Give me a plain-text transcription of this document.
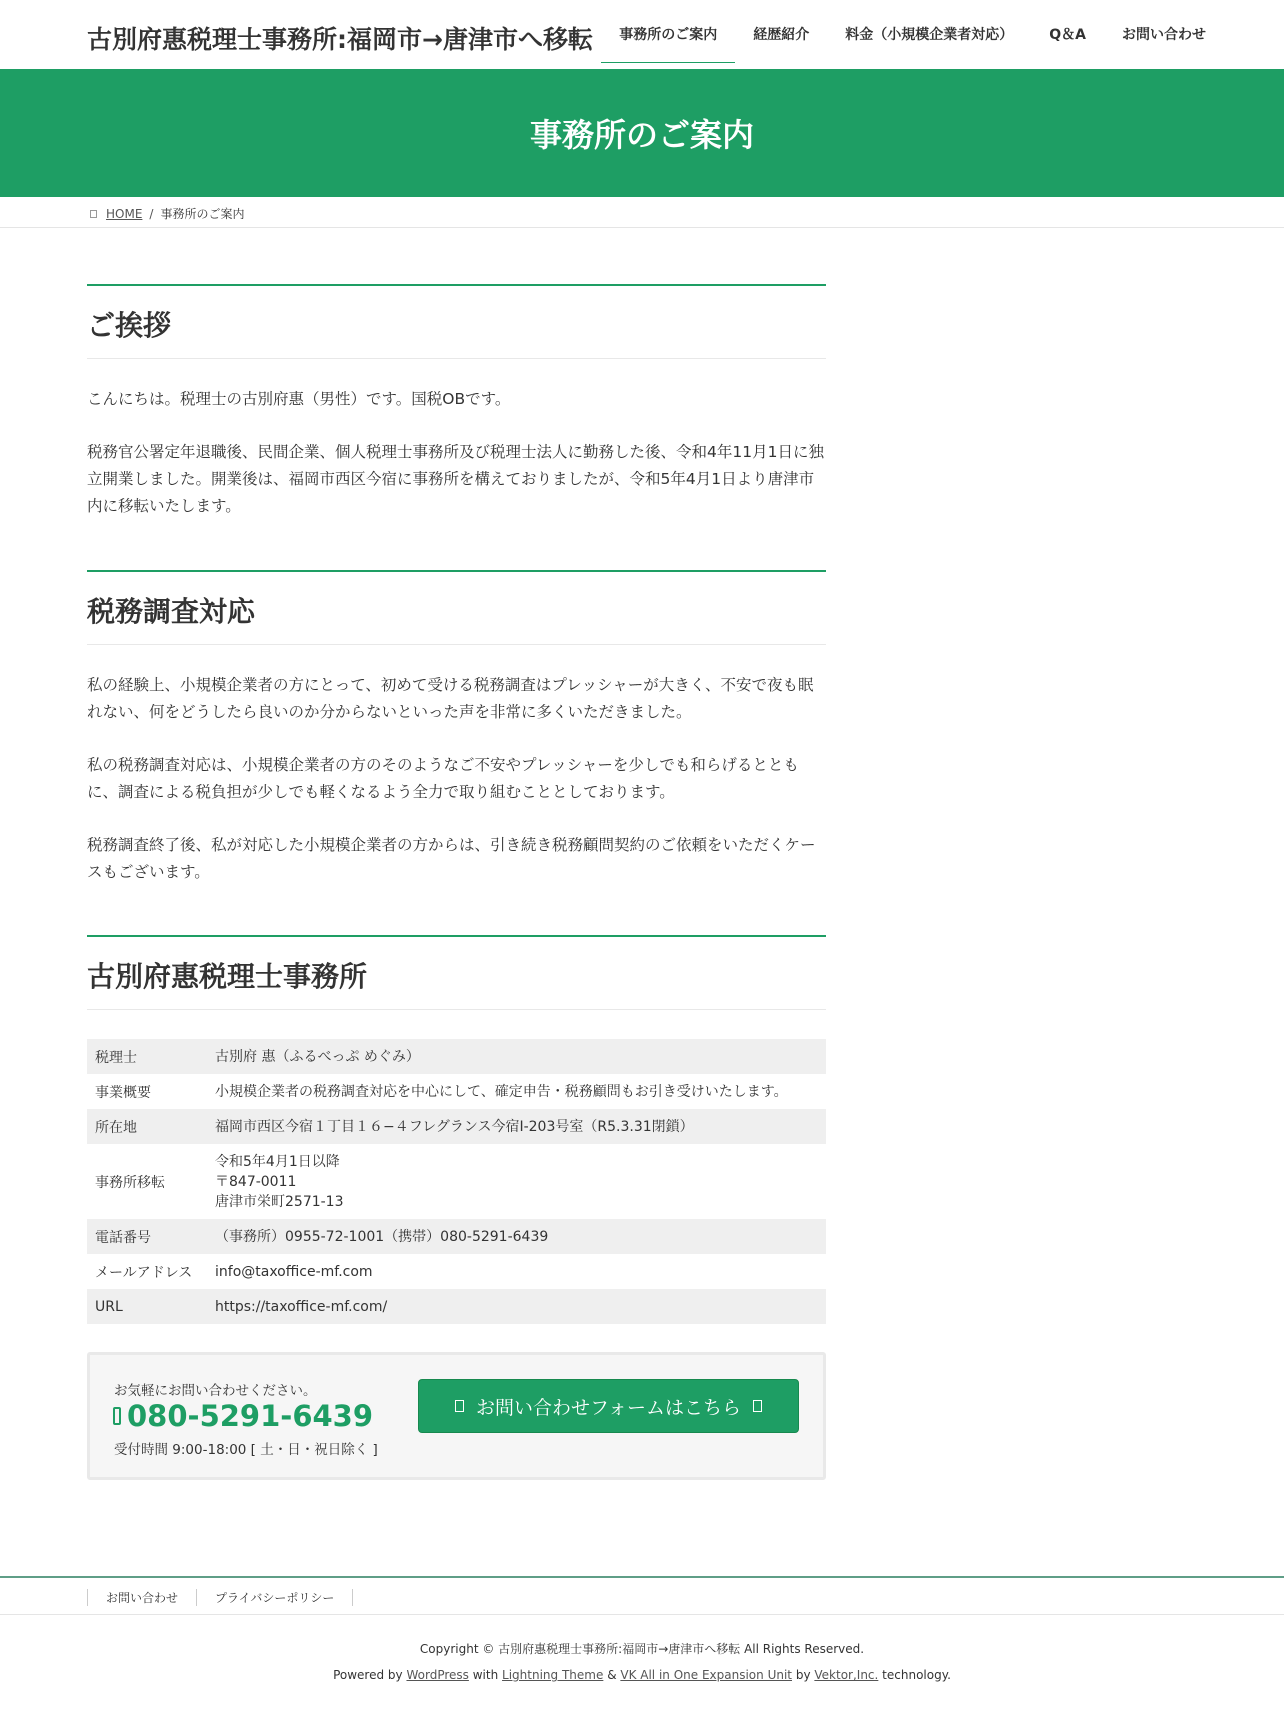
古別府惠税理士事務所:福岡市→唐津市へ移転	事務所のご案内	経歴紹介	料金（小規模企業者対応）	Q＆A	お問い合わせ
事務所のご案内
HOME / 事務所のご案内
ご挨拶

こんにちは。税理士の古別府惠（男性）です。国税OBです。

税務官公署定年退職後、民間企業、個人税理士事務所及び税理士法人に勤務した後、令和4年11月1日に独立開業しました。開業後は、福岡市西区今宿に事務所を構えておりましたが、令和5年4月1日より唐津市内に移転いたします。

税務調査対応

私の経験上、小規模企業者の方にとって、初めて受ける税務調査はプレッシャーが大きく、不安で夜も眠れない、何をどうしたら良いのか分からないといった声を非常に多くいただきました。

私の税務調査対応は、小規模企業者の方のそのようなご不安やプレッシャーを少しでも和らげるとともに、調査による税負担が少しでも軽くなるよう全力で取り組むこととしております。

税務調査終了後、私が対応した小規模企業者の方からは、引き続き税務顧問契約のご依頼をいただくケースもございます。

古別府惠税理士事務所
税理士	古別府 惠（ふるべっぷ めぐみ）
事業概要	小規模企業者の税務調査対応を中心にして、確定申告・税務顧問もお引き受けいたします。
所在地	福岡市西区今宿１丁目１６−４フレグランス今宿I-203号室（R5.3.31閉鎖）
事務所移転	令和5年4月1日以降
〒847-0011
唐津市栄町2571-13

電話番号	（事務所）0955-72-1001（携帯）080-5291-6439
メールアドレス	info@taxoffice-mf.com
URL	https://taxoffice-mf.com/
お気軽にお問い合わせください。
080-5291-6439
受付時間 9:00-18:00 [ 土・日・祝日除く ]
お問い合わせフォームはこちら
お問い合わせ	プライバシーポリシー
Copyright © 古別府惠税理士事務所:福岡市→唐津市へ移転 All Rights Reserved.
Powered by WordPress with Lightning Theme & VK All in One Expansion Unit by Vektor,Inc. technology.
